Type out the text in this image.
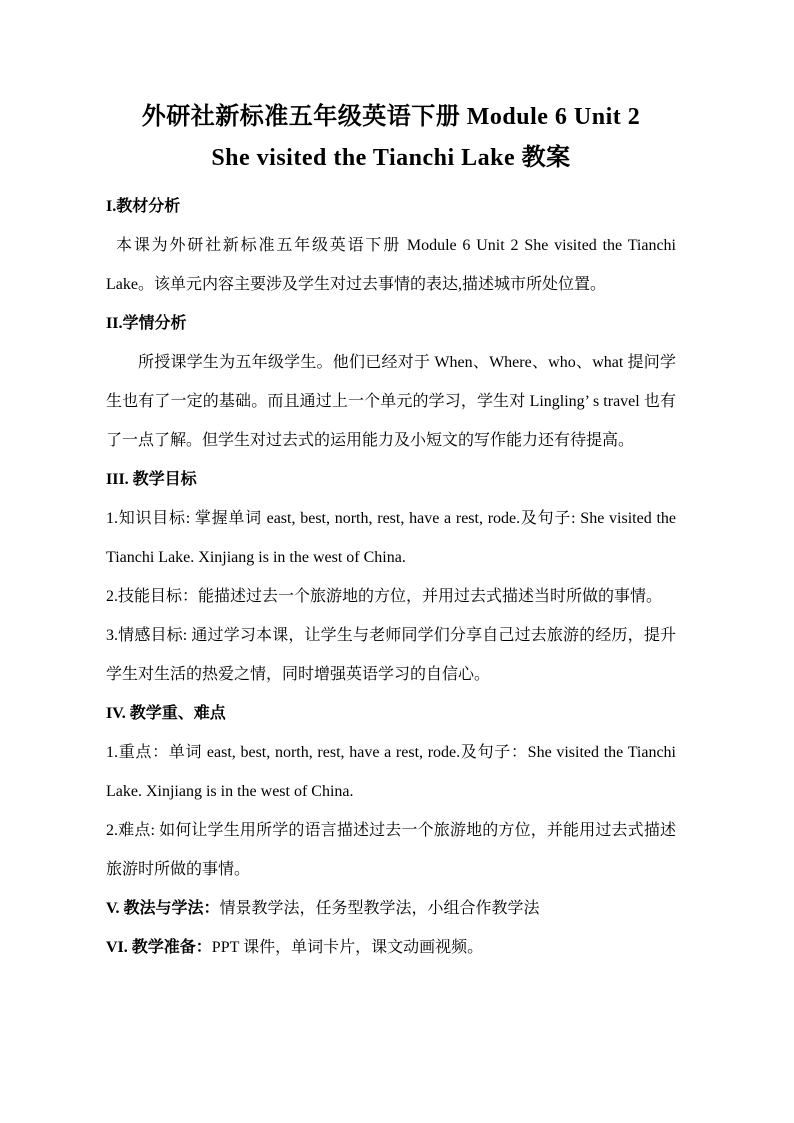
外研社新标准五年级英语下册 Module 6 Unit 2
She visited the Tianchi Lake 教案
I.教材分析

本课为外研社新标准五年级英语下册 Module 6 Unit 2 She visited the Tianchi Lake。该单元内容主要涉及学生对过去事情的表达,描述城市所处位置。

II.学情分析

所授课学生为五年级学生。他们已经对于 When、Where、who、what 提问学生也有了一定的基础。而且通过上一个单元的学习，学生对 Lingling’ s travel 也有了一点了解。但学生对过去式的运用能力及小短文的写作能力还有待提高。

III. 教学目标

1.知识目标: 掌握单词 east, best, north, rest, have a rest, rode.及句子: She visited the Tianchi Lake. Xinjiang is in the west of China.

2.技能目标：能描述过去一个旅游地的方位，并用过去式描述当时所做的事情。

3.情感目标: 通过学习本课，让学生与老师同学们分享自己过去旅游的经历，提升学生对生活的热爱之情，同时增强英语学习的自信心。

IV. 教学重、难点

1.重点：单词 east, best, north, rest, have a rest, rode.及句子：She visited the Tianchi Lake. Xinjiang is in the west of China.

2.难点: 如何让学生用所学的语言描述过去一个旅游地的方位，并能用过去式描述旅游时所做的事情。

V. 教法与学法：情景教学法，任务型教学法，小组合作教学法

VI. 教学准备：PPT 课件，单词卡片，课文动画视频。
